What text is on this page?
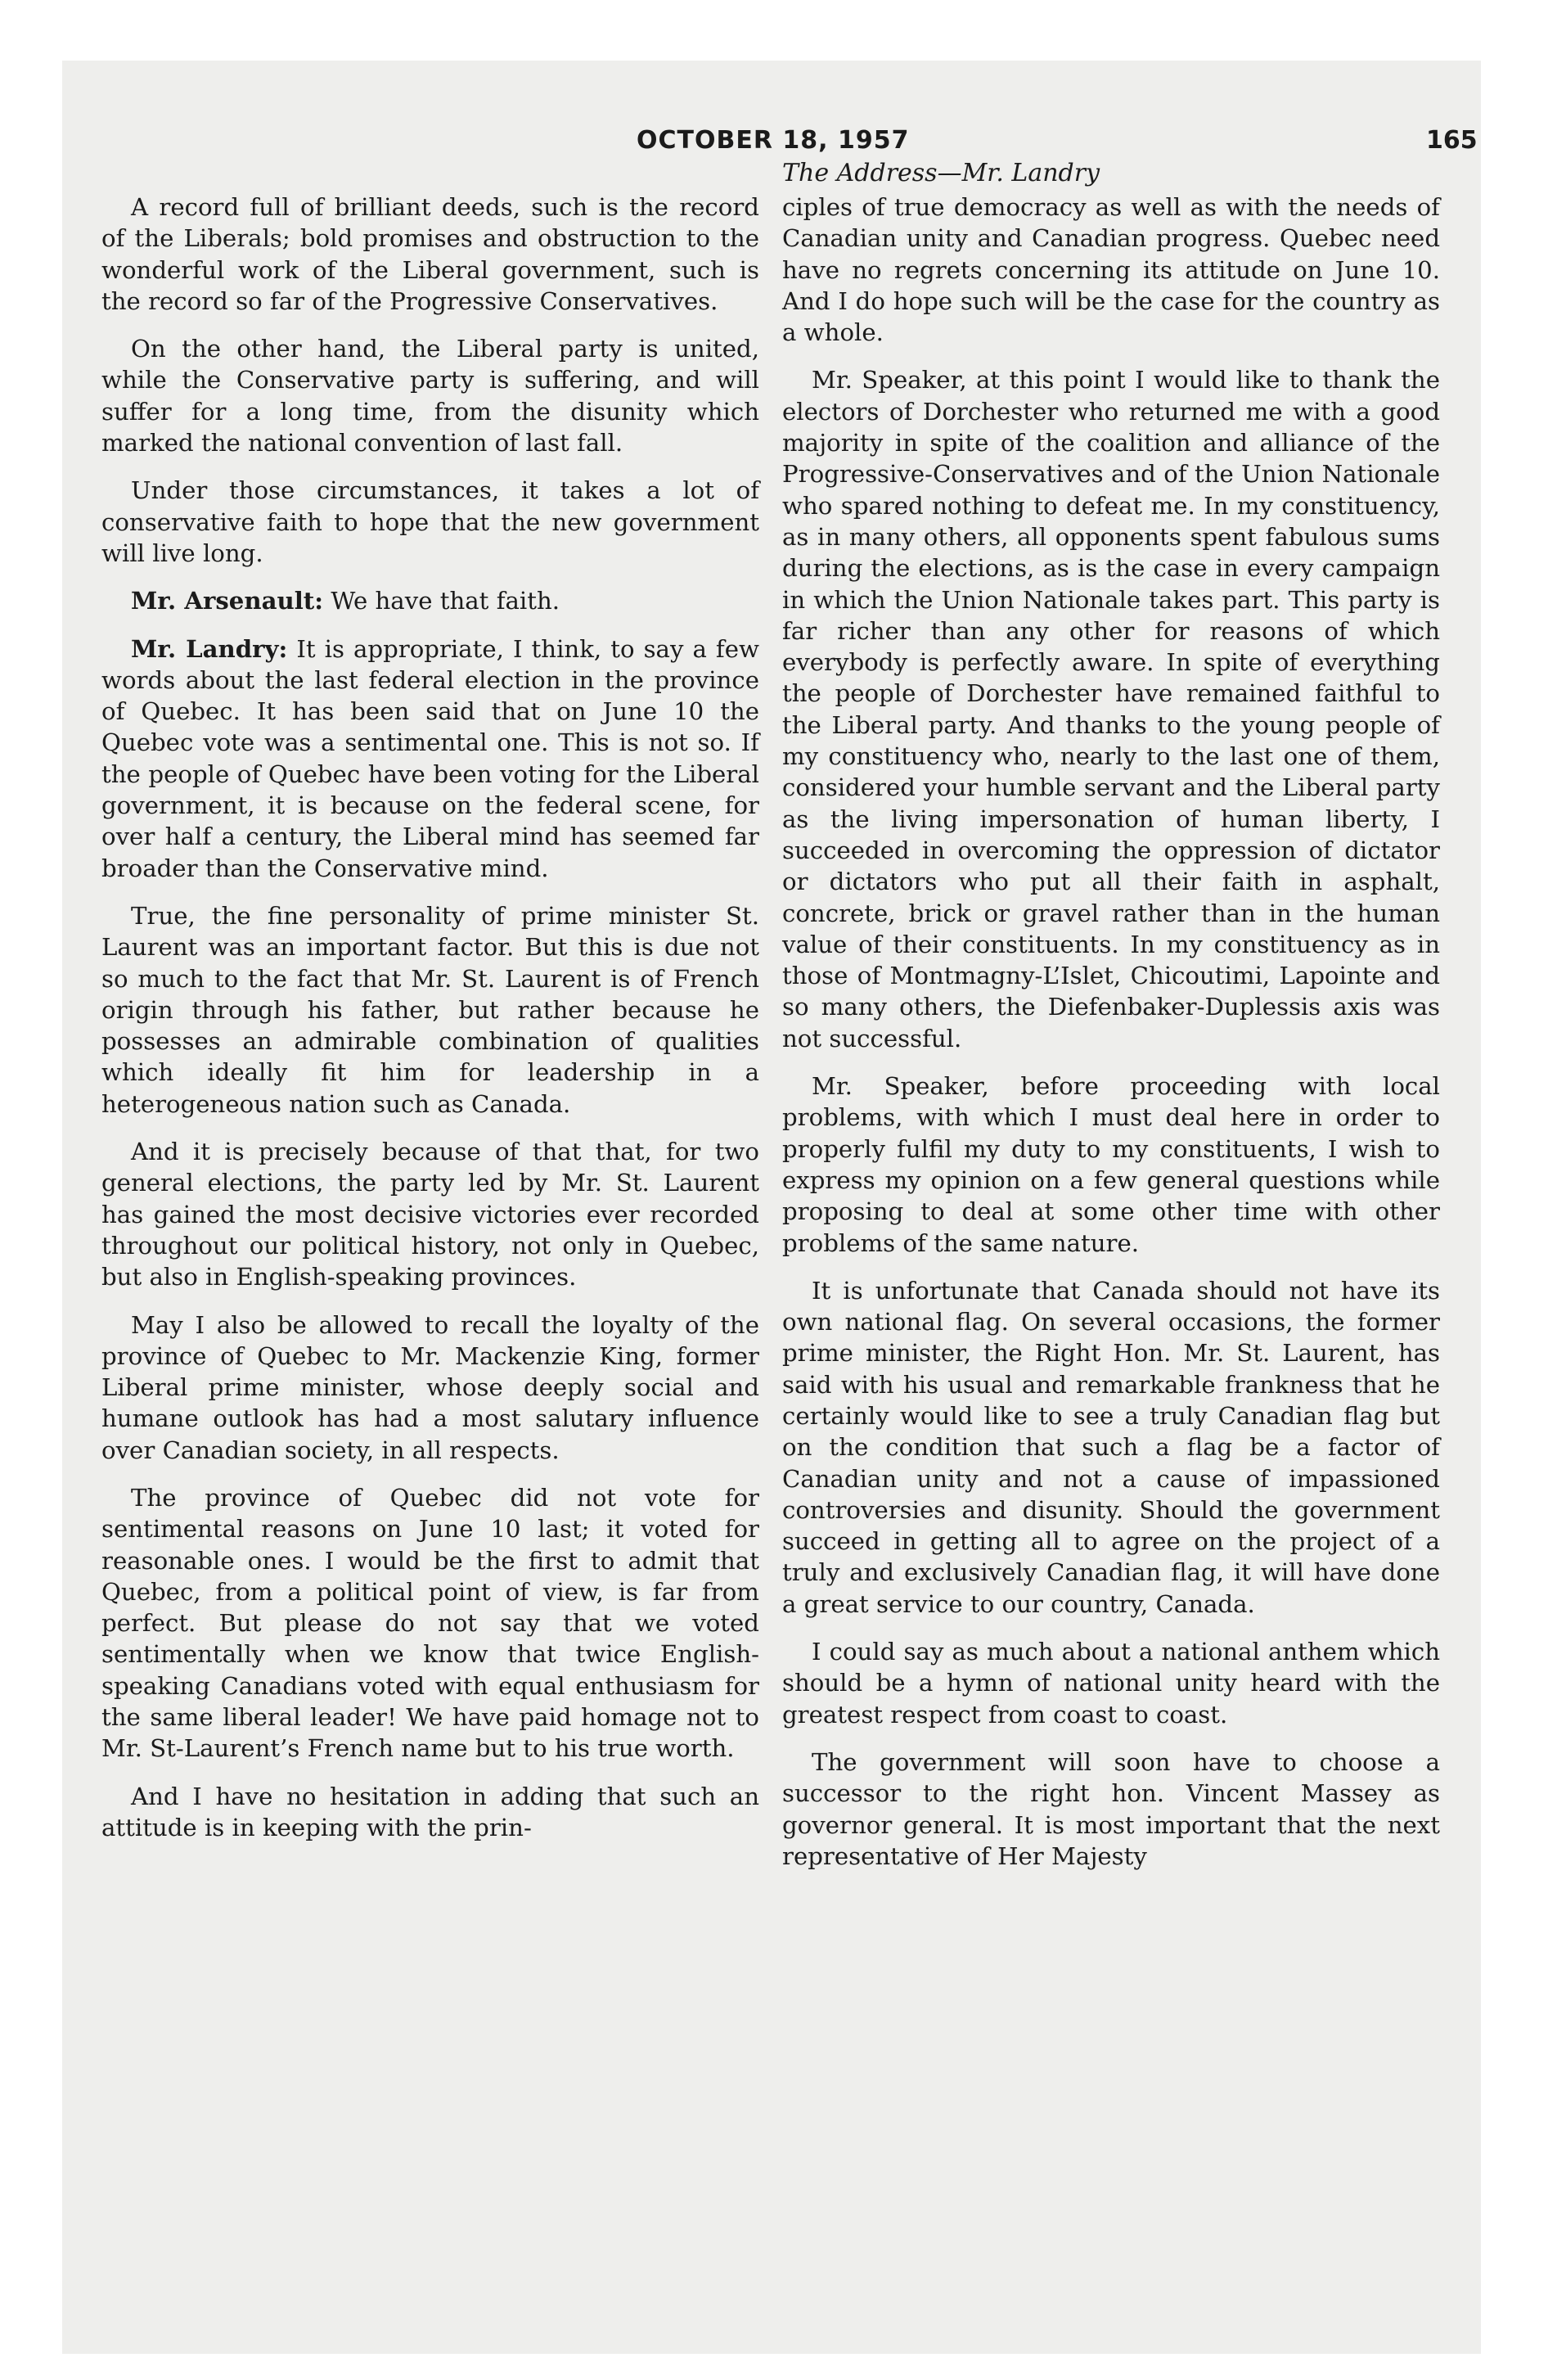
OCTOBER 18, 1957	165
The Address—Mr. Landry

A record full of brilliant deeds, such is the record of the Liberals; bold promises and obstruction to the wonderful work of the Liberal government, such is the record so far of the Progressive Conservatives.

On the other hand, the Liberal party is united, while the Conservative party is suffering, and will suffer for a long time, from the disunity which marked the national convention of last fall.

Under those circumstances, it takes a lot of conservative faith to hope that the new government will live long.

Mr. Arsenault: We have that faith.

Mr. Landry: It is appropriate, I think, to say a few words about the last federal election in the province of Quebec. It has been said that on June 10 the Quebec vote was a sentimental one. This is not so. If the people of Quebec have been voting for the Liberal government, it is because on the federal scene, for over half a century, the Liberal mind has seemed far broader than the Conservative mind.

True, the fine personality of prime minister St. Laurent was an important factor. But this is due not so much to the fact that Mr. St. Laurent is of French origin through his father, but rather because he possesses an admirable combination of qualities which ideally fit him for leadership in a heterogeneous nation such as Canada.

And it is precisely because of that that, for two general elections, the party led by Mr. St. Laurent has gained the most decisive victories ever recorded throughout our political history, not only in Quebec, but also in English-speaking provinces.

May I also be allowed to recall the loyalty of the province of Quebec to Mr. Mackenzie King, former Liberal prime minister, whose deeply social and humane outlook has had a most salutary influence over Canadian society, in all respects.

The province of Quebec did not vote for sentimental reasons on June 10 last; it voted for reasonable ones. I would be the first to admit that Quebec, from a political point of view, is far from perfect. But please do not say that we voted sentimentally when we know that twice English-speaking Canadians voted with equal enthusiasm for the same liberal leader! We have paid homage not to Mr. St-Laurent’s French name but to his true worth.

And I have no hesitation in adding that such an attitude is in keeping with the prin-

ciples of true democracy as well as with the needs of Canadian unity and Canadian progress. Quebec need have no regrets concerning its attitude on June 10. And I do hope such will be the case for the country as a whole.

Mr. Speaker, at this point I would like to thank the electors of Dorchester who returned me with a good majority in spite of the coalition and alliance of the Progressive-Conservatives and of the Union Nationale who spared nothing to defeat me. In my constituency, as in many others, all opponents spent fabulous sums during the elections, as is the case in every campaign in which the Union Nationale takes part. This party is far richer than any other for reasons of which everybody is perfectly aware. In spite of everything the people of Dorchester have remained faithful to the Liberal party. And thanks to the young people of my constituency who, nearly to the last one of them, considered your humble servant and the Liberal party as the living impersonation of human liberty, I succeeded in overcoming the oppression of dictator or dictators who put all their faith in asphalt, concrete, brick or gravel rather than in the human value of their constituents. In my constituency as in those of Montmagny-L’Islet, Chicoutimi, Lapointe and so many others, the Diefenbaker-Duplessis axis was not successful.

Mr. Speaker, before proceeding with local problems, with which I must deal here in order to properly fulfil my duty to my constituents, I wish to express my opinion on a few general questions while proposing to deal at some other time with other problems of the same nature.

It is unfortunate that Canada should not have its own national flag. On several occasions, the former prime minister, the Right Hon. Mr. St. Laurent, has said with his usual and remarkable frankness that he certainly would like to see a truly Canadian flag but on the condition that such a flag be a factor of Canadian unity and not a cause of impassioned controversies and disunity. Should the government succeed in getting all to agree on the project of a truly and exclusively Canadian flag, it will have done a great service to our country, Canada.

I could say as much about a national anthem which should be a hymn of national unity heard with the greatest respect from coast to coast.

The government will soon have to choose a successor to the right hon. Vincent Massey as governor general. It is most important that the next representative of Her Majesty
